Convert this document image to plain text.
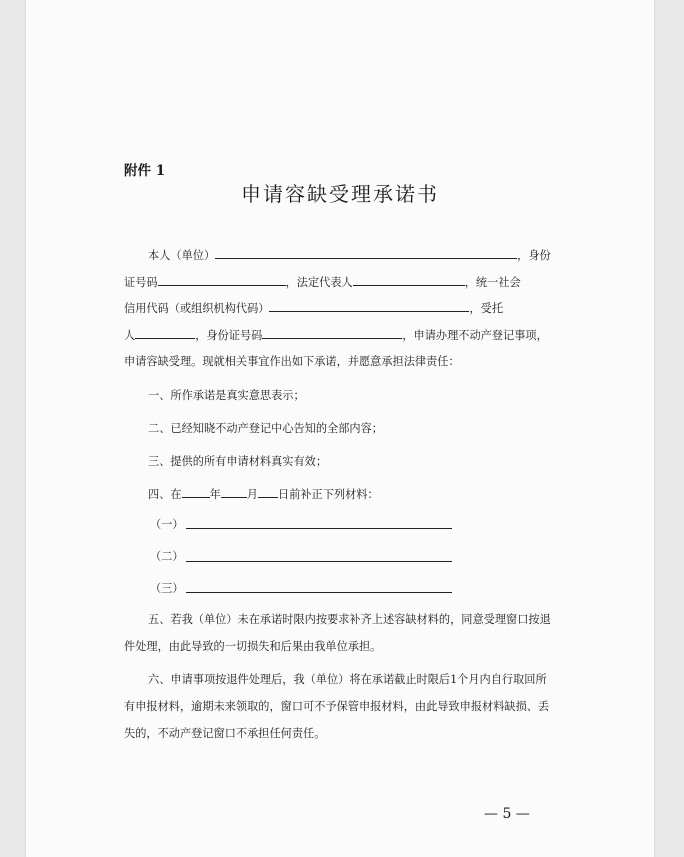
附件 1
申请容缺受理承诺书
本人（单位）	，身份
证号码	，法定代表人	，统一社会
信用代码（或组织机构代码）	，受托
人	，身份证号码	，申请办理不动产登记事项，
申请容缺受理。现就相关事宜作出如下承诺，并愿意承担法律责任：
一、所作承诺是真实意思表示；
二、已经知晓不动产登记中心告知的全部内容；
三、提供的所有申请材料真实有效；
四、在	年 月 日前补正下列材料：
（一）
（二）
（三）
五、若我（单位）未在承诺时限内按要求补齐上述容缺材料的，同意受理窗口按退
件处理，由此导致的一切损失和后果由我单位承担。
六、申请事项按退件处理后，我（单位）将在承诺截止时限后1个月内自行取回所
有申报材料，逾期未来领取的，窗口可不予保管申报材料，由此导致申报材料缺损、丢
失的，不动产登记窗口不承担任何责任。
— 5 —
